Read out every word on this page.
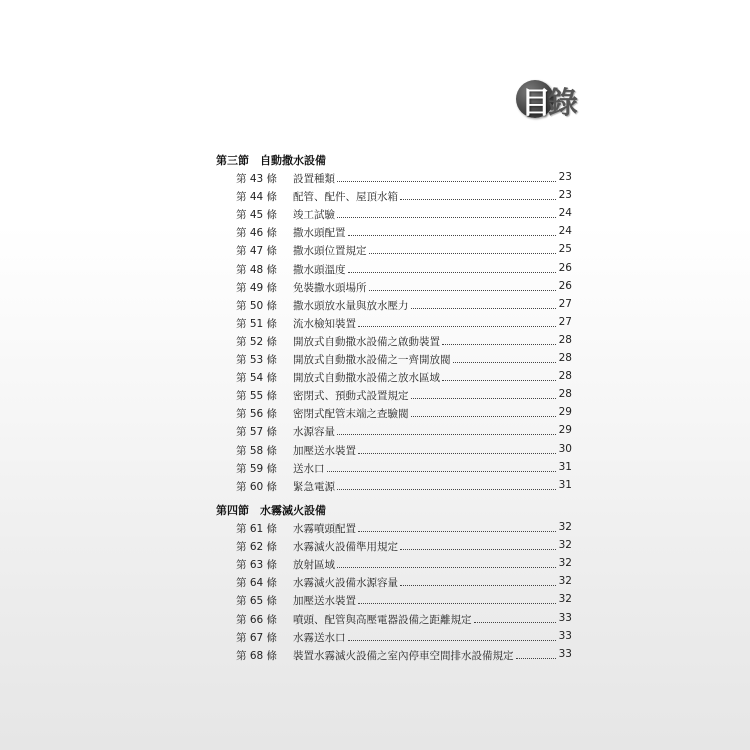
目
錄
第三節 自動撒水設備
第 43 條	設置種類	23
第 44 條	配管、配件、屋頂水箱	23
第 45 條	竣工試驗	24
第 46 條	撒水頭配置	24
第 47 條	撒水頭位置規定	25
第 48 條	撒水頭溫度	26
第 49 條	免裝撒水頭場所	26
第 50 條	撒水頭放水量與放水壓力	27
第 51 條	流水檢知裝置	27
第 52 條	開放式自動撒水設備之啟動裝置	28
第 53 條	開放式自動撒水設備之一齊開放閥	28
第 54 條	開放式自動撒水設備之放水區域	28
第 55 條	密閉式、預動式設置規定	28
第 56 條	密閉式配管末端之查驗閥	29
第 57 條	水源容量	29
第 58 條	加壓送水裝置	30
第 59 條	送水口	31
第 60 條	緊急電源	31
第四節 水霧滅火設備
第 61 條	水霧噴頭配置	32
第 62 條	水霧滅火設備準用規定	32
第 63 條	放射區域	32
第 64 條	水霧滅火設備水源容量	32
第 65 條	加壓送水裝置	32
第 66 條	噴頭、配管與高壓電器設備之距離規定	33
第 67 條	水霧送水口	33
第 68 條	裝置水霧滅火設備之室內停車空間排水設備規定	33
